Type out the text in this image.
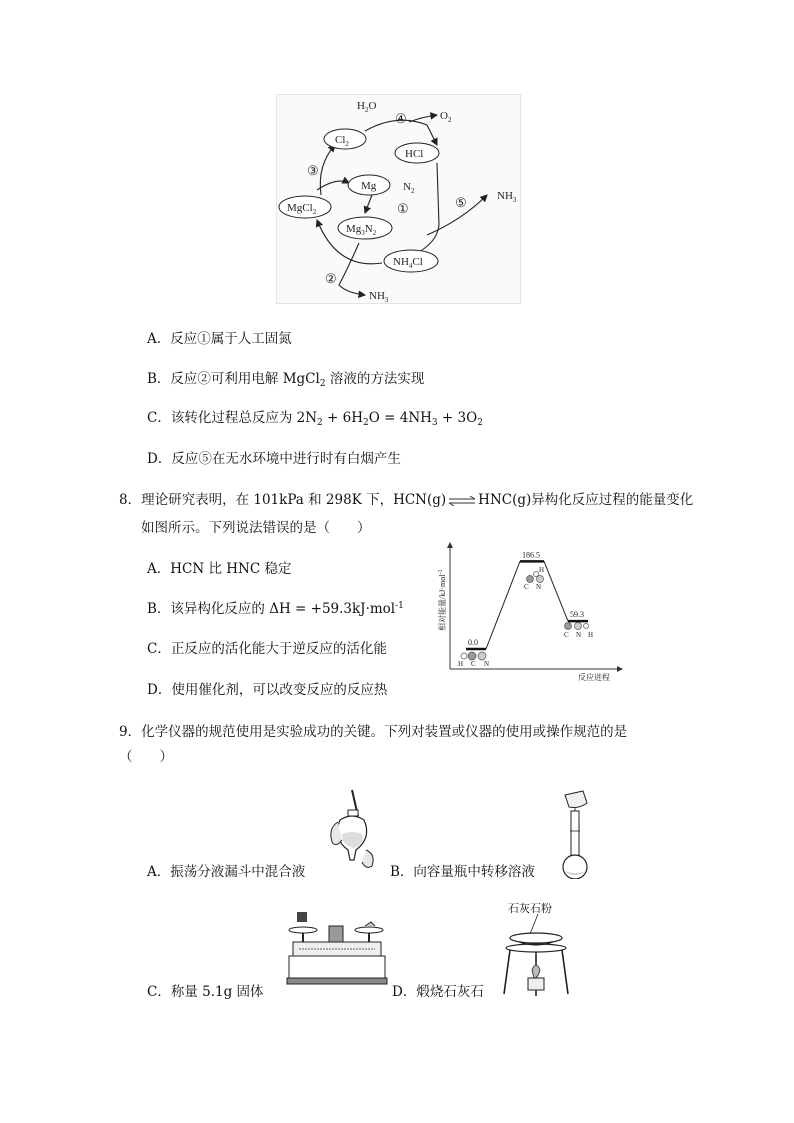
$Cl_2$
HCl
Mg
MgCl$_2$
$Mg_3N_2$
$NH_4Cl$
$H_2O$
$O_2$
$N_2$	$NH_3$
$NH_3$
④
③
①	⑤
②
A．反应①属于人工固氮
B．反应②可利用电解 MgCl$_2$ 溶液的方法实现
C．该转化过程总反应为 $2N_2 + 6H_2O = 4NH_3 + 3O_2$
D．反应⑤在无水环境中进行时有白烟产生
8．理论研究表明，在 101kPa 和 298K 下，HCN(g)⇌HNC(g)异构化反应过程的能量变化
如图所示。下列说法错误的是（　　）
A．HCN 比 HNC 稳定
B．该异构化反应的 ΔH = +59.3kJ·mol$^{-1}$
C．正反应的活化能大于逆反应的活化能
D．使用催化剂，可以改变反应的反应热
相对能量/kJ·mol$^{-1}$
反应进程
0.0
186.5
59.3
H C N
H
C N
C N H
9．化学仪器的规范使用是实验成功的关键。下列对装置或仪器的使用或操作规范的是
（　　）
A．振荡分液漏斗中混合液	B．向容量瓶中转移溶液
C．称量 5.1g 固体
石灰石粉
D．煅烧石灰石
